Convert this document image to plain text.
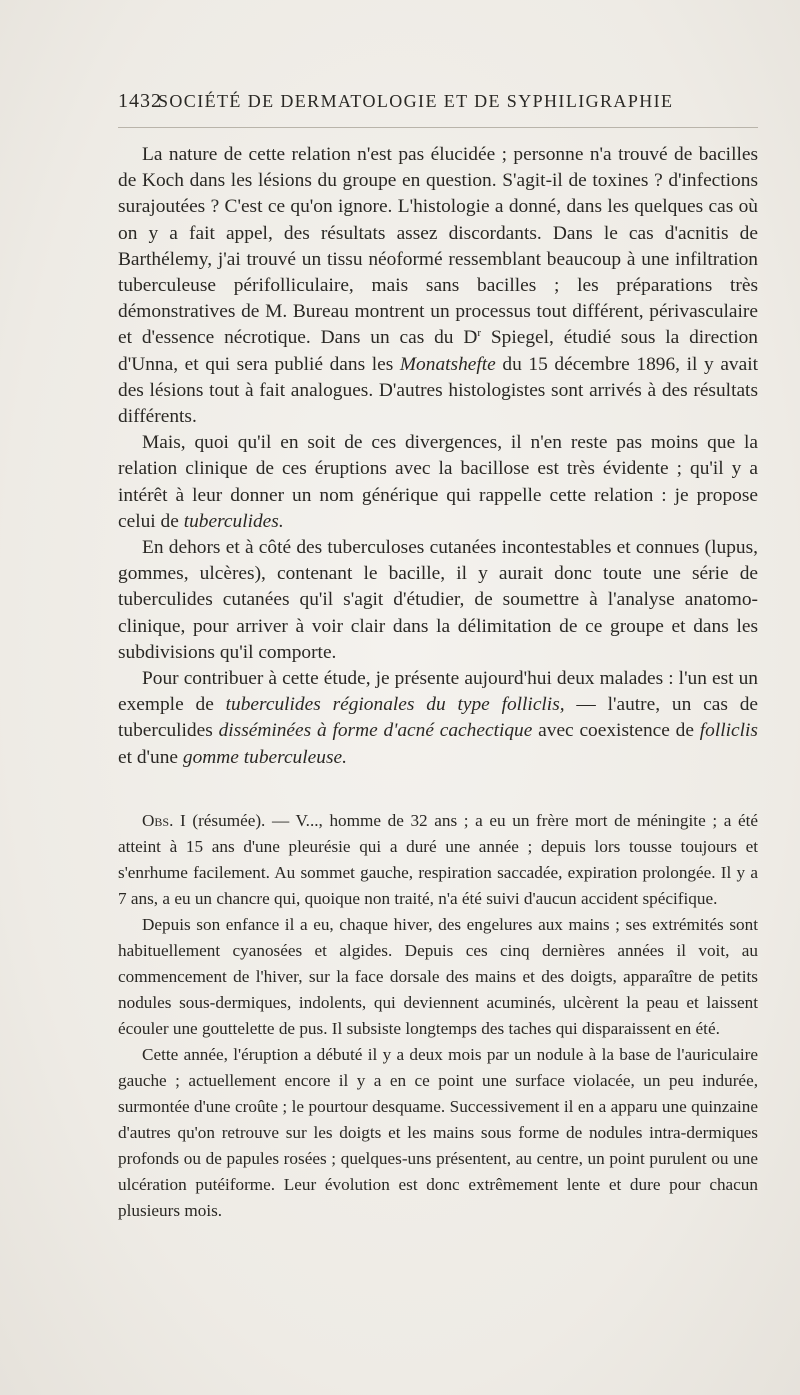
1432
SOCIÉTÉ DE DERMATOLOGIE ET DE SYPHILIGRAPHIE

La nature de cette relation n'est pas élucidée ; personne n'a trouvé de bacilles de Koch dans les lésions du groupe en question. S'agit-il de toxines ? d'infections surajoutées ? C'est ce qu'on ignore. L'histologie a donné, dans les quelques cas où on y a fait appel, des résultats assez discordants. Dans le cas d'acnitis de Barthélemy, j'ai trouvé un tissu néoformé ressemblant beaucoup à une infiltration tuberculeuse périfolliculaire, mais sans bacilles ; les préparations très démonstratives de M. Bureau montrent un processus tout différent, périvasculaire et d'essence nécrotique. Dans un cas du $D^r$ Spiegel, étudié sous la direction d'Unna, et qui sera publié dans les Monatshefte du 15 décembre 1896, il y avait des lésions tout à fait analogues. D'autres histologistes sont arrivés à des résultats différents.

Mais, quoi qu'il en soit de ces divergences, il n'en reste pas moins que la relation clinique de ces éruptions avec la bacillose est très évidente ; qu'il y a intérêt à leur donner un nom générique qui rappelle cette relation : je propose celui de tuberculides.

En dehors et à côté des tuberculoses cutanées incontestables et connues (lupus, gommes, ulcères), contenant le bacille, il y aurait donc toute une série de tuberculides cutanées qu'il s'agit d'étudier, de soumettre à l'analyse anatomo-clinique, pour arriver à voir clair dans la délimitation de ce groupe et dans les subdivisions qu'il comporte.

Pour contribuer à cette étude, je présente aujourd'hui deux malades : l'un est un exemple de tuberculides régionales du type folliclis, — l'autre, un cas de tuberculides disséminées à forme d'acné cachectique avec coexistence de folliclis et d'une gomme tuberculeuse.

Obs. I (résumée). — V..., homme de 32 ans ; a eu un frère mort de méningite ; a été atteint à 15 ans d'une pleurésie qui a duré une année ; depuis lors tousse toujours et s'enrhume facilement. Au sommet gauche, respiration saccadée, expiration prolongée. Il y a 7 ans, a eu un chancre qui, quoique non traité, n'a été suivi d'aucun accident spécifique.

Depuis son enfance il a eu, chaque hiver, des engelures aux mains ; ses extrémités sont habituellement cyanosées et algides. Depuis ces cinq dernières années il voit, au commencement de l'hiver, sur la face dorsale des mains et des doigts, apparaître de petits nodules sous-dermiques, indolents, qui deviennent acuminés, ulcèrent la peau et laissent écouler une gouttelette de pus. Il subsiste longtemps des taches qui disparaissent en été.

Cette année, l'éruption a débuté il y a deux mois par un nodule à la base de l'auriculaire gauche ; actuellement encore il y a en ce point une surface violacée, un peu indurée, surmontée d'une croûte ; le pourtour desquame. Successivement il en a apparu une quinzaine d'autres qu'on retrouve sur les doigts et les mains sous forme de nodules intra-dermiques profonds ou de papules rosées ; quelques-uns présentent, au centre, un point purulent ou une ulcération putéiforme. Leur évolution est donc extrêmement lente et dure pour chacun plusieurs mois.
